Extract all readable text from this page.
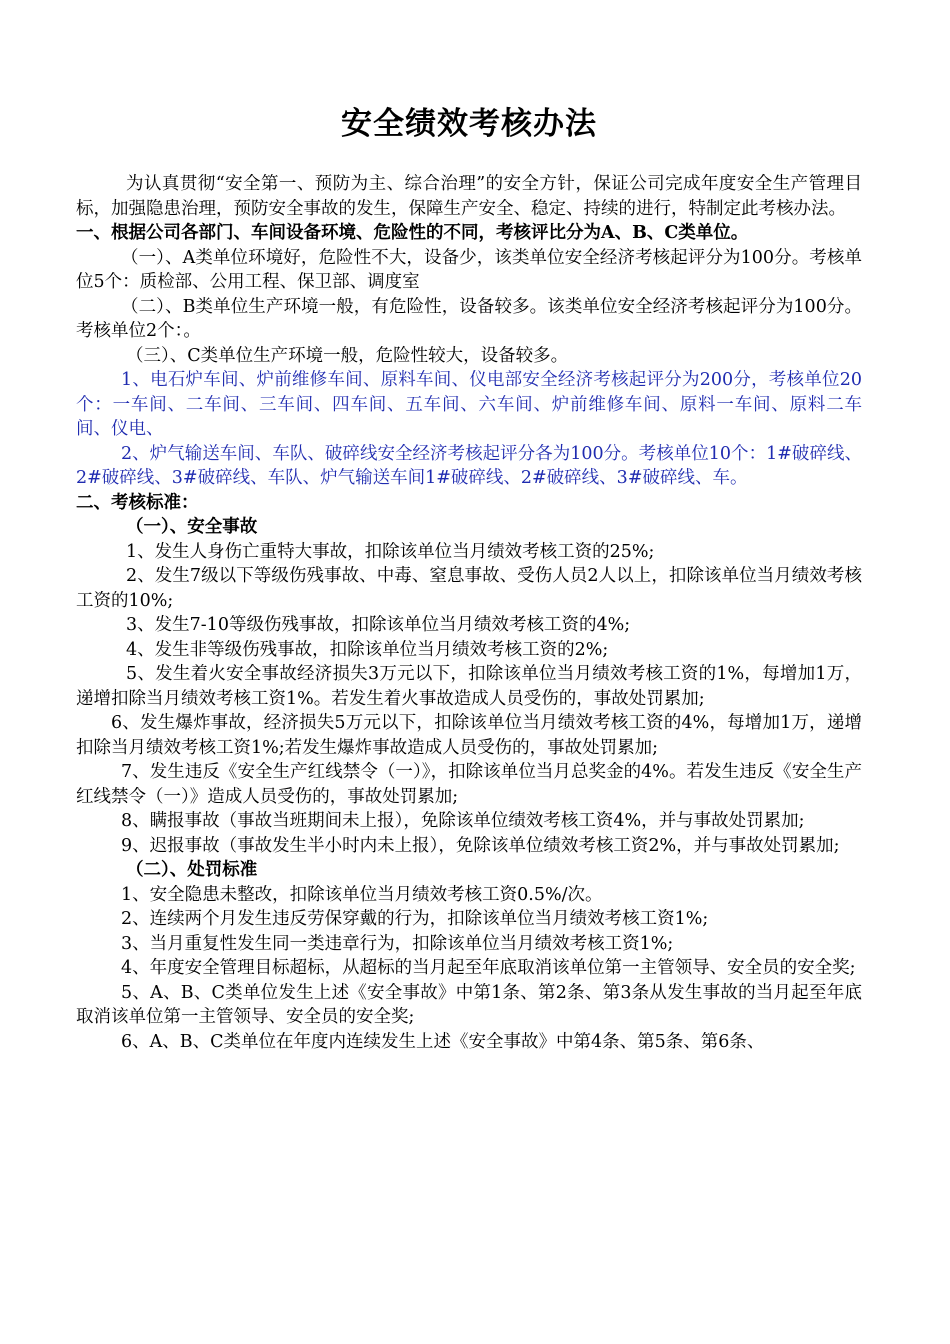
安全绩效考核办法

为认真贯彻“安全第一、预防为主、综合治理”的安全方针，保证公司完成年度安全生产管理目标，加强隐患治理，预防安全事故的发生，保障生产安全、稳定、持续的进行，特制定此考核办法。

一、根据公司各部门、车间设备环境、危险性的不同，考核评比分为A、B、C类单位。

（一）、A类单位环境好，危险性不大，设备少，该类单位安全经济考核起评分为100分。考核单位5个：质检部、公用工程、保卫部、调度室

（二）、B类单位生产环境一般，有危险性，设备较多。该类单位安全经济考核起评分为100分。考核单位2个：。

（三）、C类单位生产环境一般，危险性较大，设备较多。

1、电石炉车间、炉前维修车间、原料车间、仪电部安全经济考核起评分为200分，考核单位20个：一车间、二车间、三车间、四车间、五车间、六车间、炉前维修车间、原料一车间、原料二车间、仪电、

2、炉气输送车间、车队、破碎线安全经济考核起评分各为100分。考核单位10个：1#破碎线、2#破碎线、3#破碎线、车队、炉气输送车间1#破碎线、2#破碎线、3#破碎线、车。

二、考核标准：

（一）、安全事故

1、发生人身伤亡重特大事故，扣除该单位当月绩效考核工资的25%;

2、发生7级以下等级伤残事故、中毒、窒息事故、受伤人员2人以上，扣除该单位当月绩效考核工资的10%;

3、发生7-10等级伤残事故，扣除该单位当月绩效考核工资的4%;

4、发生非等级伤残事故，扣除该单位当月绩效考核工资的2%;

5、发生着火安全事故经济损失3万元以下，扣除该单位当月绩效考核工资的1%，每增加1万，递增扣除当月绩效考核工资1%。若发生着火事故造成人员受伤的，事故处罚累加;

6、发生爆炸事故，经济损失5万元以下，扣除该单位当月绩效考核工资的4%，每增加1万，递增扣除当月绩效考核工资1%;若发生爆炸事故造成人员受伤的，事故处罚累加;

7、发生违反《安全生产红线禁令（一）》，扣除该单位当月总奖金的4%。若发生违反《安全生产红线禁令（一）》造成人员受伤的，事故处罚累加;

8、瞒报事故（事故当班期间未上报），免除该单位绩效考核工资4%，并与事故处罚累加;

9、迟报事故（事故发生半小时内未上报），免除该单位绩效考核工资2%，并与事故处罚累加;

（二）、处罚标准

1、安全隐患未整改，扣除该单位当月绩效考核工资0.5%/次。

2、连续两个月发生违反劳保穿戴的行为，扣除该单位当月绩效考核工资1%;

3、当月重复性发生同一类违章行为，扣除该单位当月绩效考核工资1%;

4、年度安全管理目标超标，从超标的当月起至年底取消该单位第一主管领导、安全员的安全奖;

5、A、B、C类单位发生上述《安全事故》中第1条、第2条、第3条从发生事故的当月起至年底取消该单位第一主管领导、安全员的安全奖;

6、A、B、C类单位在年度内连续发生上述《安全事故》中第4条、第5条、第6条、
